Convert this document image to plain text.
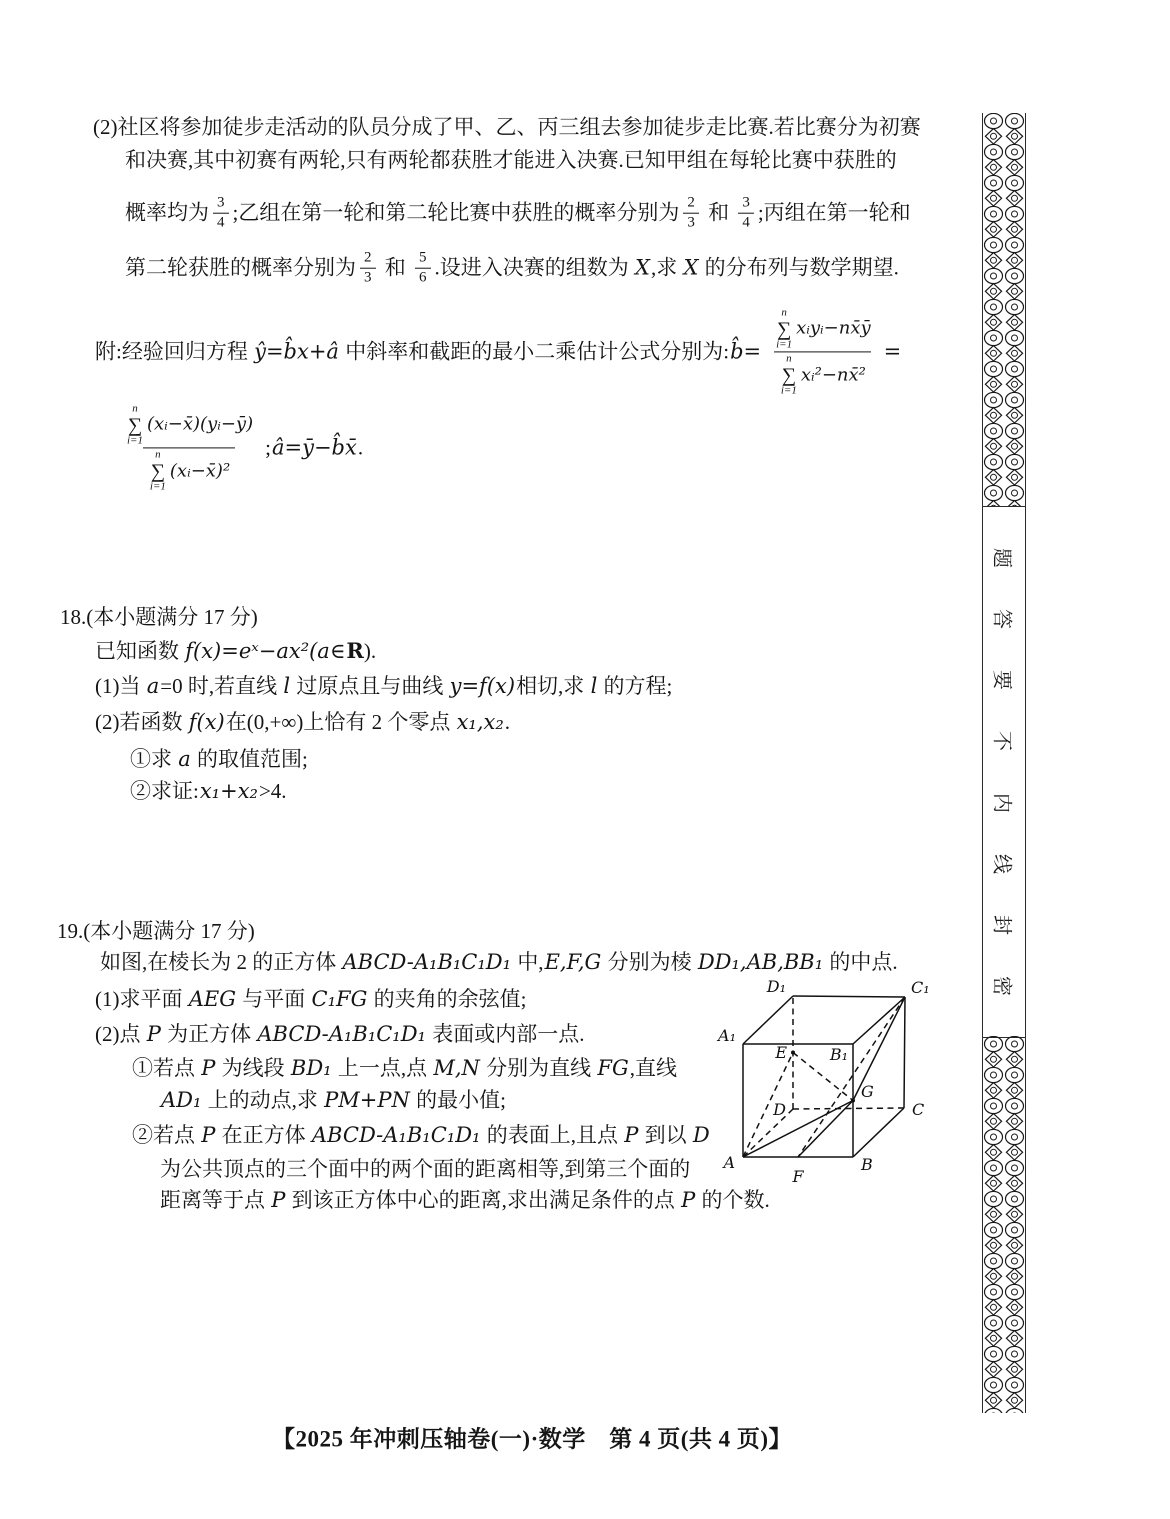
(2)社区将参加徒步走活动的队员分成了甲、乙、丙三组去参加徒步走比赛.若比赛分为初赛
和决赛,其中初赛有两轮,只有两轮都获胜才能进入决赛.已知甲组在每轮比赛中获胜的
概率均为 $\frac{3}{4}$ ;乙组在第一轮和第二轮比赛中获胜的概率分别为 $\frac{2}{3}$ 和 $\frac{3}{4}$ ;丙组在第一轮和
第二轮获胜的概率分别为 $\frac{2}{3}$ 和 $\frac{5}{6}$ .设进入决赛的组数为 X ,求 X 的分布列与数学期望.
附:经验回归方程 ŷ=b̂x+â 中斜率和截距的最小二乘估计公式分别为: b̂= n
∑
i=1
xᵢyᵢ−nx̄ȳ
n
∑
i=1
xᵢ²−nx̄² =
n
∑
i=1
(xᵢ−x̄)(yᵢ−ȳ)
n
∑
i=1
(xᵢ−x̄)² ; â=ȳ−b̂x̄ .
18.(本小题满分 17 分)
已知函数 f(x)=eˣ−ax²(a∈ R ).
(1)当 a =0 时,若直线 l 过原点且与曲线 y=f(x) 相切,求 l 的方程;
(2)若函数 f(x) 在(0,+∞)上恰有 2 个零点 x₁,x₂ .
①求 a 的取值范围;
②求证: x₁+x₂ >4.
19.(本小题满分 17 分)
如图,在棱长为 2 的正方体 ABCD-A₁B₁C₁D₁ 中, E,F,G 分别为棱 DD₁,AB,BB₁ 的中点.
(1)求平面 AEG 与平面 C₁FG 的夹角的余弦值;
(2)点 P 为正方体 ABCD-A₁B₁C₁D₁ 表面或内部一点.
①若点 P 为线段 BD₁ 上一点,点 M,N 分别为直线 FG ,直线
AD₁ 上的动点,求 PM+PN 的最小值;
②若点 P 在正方体 ABCD-A₁B₁C₁D₁ 的表面上,且点 P 到以 D
为公共顶点的三个面中的两个面的距离相等,到第三个面的
距离等于点 P 到该正方体中心的距离,求出满足条件的点 P 的个数.
D₁	C₁
A₁
B₁
E
G
D	C
A	B
F
题
答
要
不
内
线
封
密
【2025 年冲刺压轴卷(一)·数学　第 4 页(共 4 页)】
